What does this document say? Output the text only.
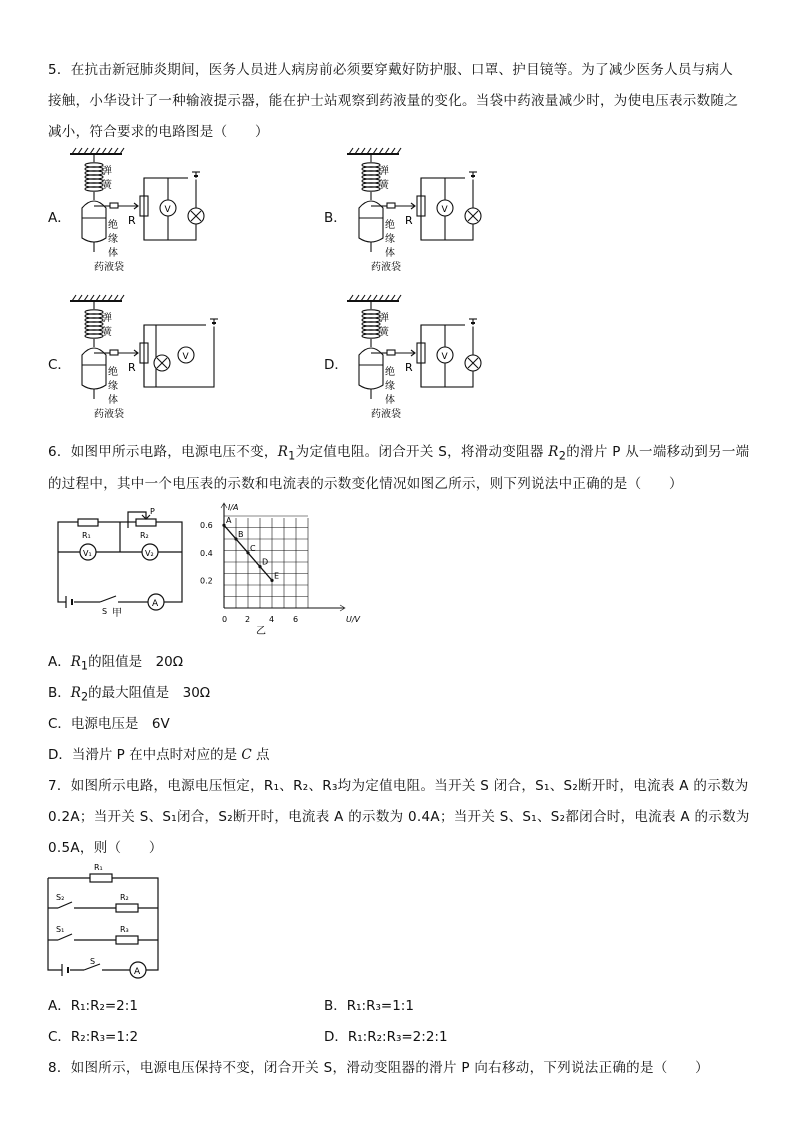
5．在抗击新冠肺炎期间，医务人员进人病房前必须要穿戴好防护服、口罩、护目镜等。为了减少医务人员与病人
接触，小华设计了一种输液提示器，能在护士站观察到药液量的变化。当袋中药液量减少时，为使电压表示数随之
减小，符合要求的电路图是（　　）
A．	B．
C．	D．
弹
簧
R
绝
缘
体
药液袋
V
弹
簧
R
绝
缘
体
药液袋
V
弹
簧
R
绝
缘
体
药液袋
V
弹
簧
R
绝
缘
体
药液袋
V
6．如图甲所示电路，电源电压不变，$R_1$为定值电阻。闭合开关 S，将滑动变阻器 $R_2$的滑片 P 从一端移动到另一端
的过程中，其中一个电压表的示数和电流表的示数变化情况如图乙所示，则下列说法中正确的是（　　）
R₁	R₂
P
V₁	V₂
A
S 甲
A
B
C
D
E
I/A
U/V
0.6
0.4
0.2
0 2 4 6
乙
A．$R_1$的阻值是　20Ω
B．$R_2$的最大阻值是　30Ω
C．电源电压是　6V
D．当滑片 P 在中点时对应的是 C 点
7．如图所示电路，电源电压恒定，R₁、R₂、R₃均为定值电阻。当开关 S 闭合，S₁、S₂断开时，电流表 A 的示数为
0.2A；当开关 S、S₁闭合，S₂断开时，电流表 A 的示数为 0.4A；当开关 S、S₁、S₂都闭合时，电流表 A 的示数为
0.5A，则（　　）
R₁
S₂	R₂
S₁	R₃
S
A
A．R₁:R₂=2:1	B．R₁:R₃=1:1
C．R₂:R₃=1:2	D．R₁:R₂:R₃=2:2:1
8．如图所示，电源电压保持不变，闭合开关 S，滑动变阻器的滑片 P 向右移动，下列说法正确的是（　　）
